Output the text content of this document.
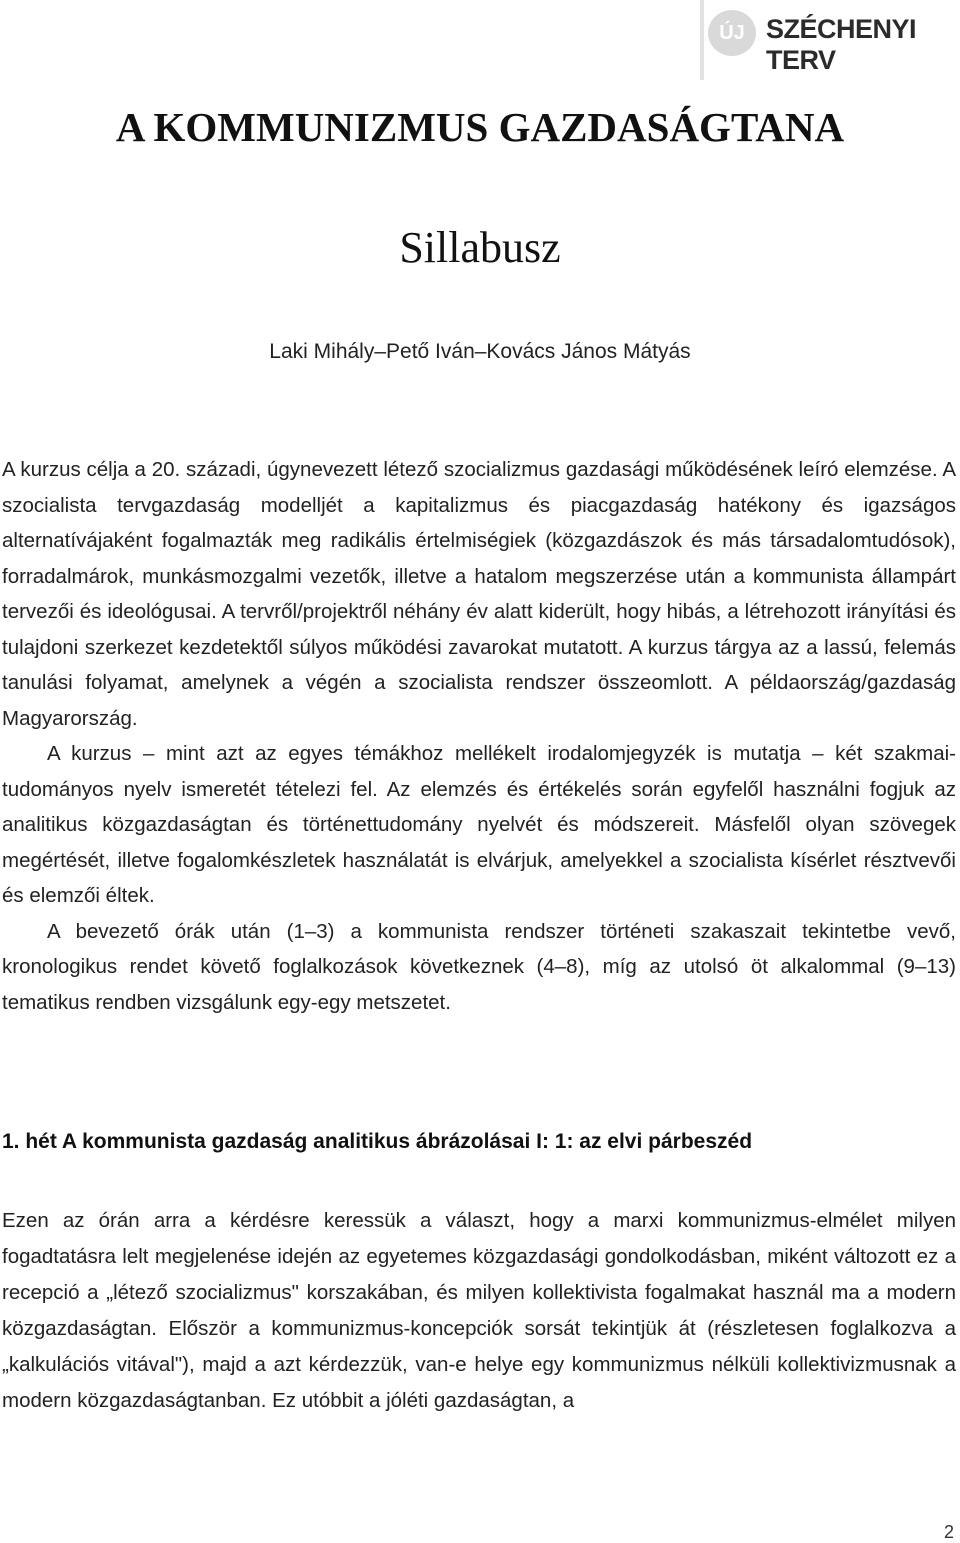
ÚJ SZÉCHENYI TERV
A KOMMUNIZMUS GAZDASÁGTANA
Sillabusz
Laki Mihály–Pető Iván–Kovács János Mátyás

A kurzus célja a 20. századi, úgynevezett létező szocializmus gazdasági működésének leíró elemzése. A szocialista tervgazdaság modelljét a kapitalizmus és piacgazdaság hatékony és igazságos alternatívájaként fogalmazták meg radikális értelmiségiek (közgazdászok és más társadalomtudósok), forradalmárok, munkásmozgalmi vezetők, illetve a hatalom megszerzése után a kommunista állampárt tervezői és ideológusai. A tervről/projektről néhány év alatt kiderült, hogy hibás, a létrehozott irányítási és tulajdoni szerkezet kezdetektől súlyos működési zavarokat mutatott. A kurzus tárgya az a lassú, felemás tanulási folyamat, amelynek a végén a szocialista rendszer összeomlott. A példaország/gazdaság Magyarország.

A kurzus – mint azt az egyes témákhoz mellékelt irodalomjegyzék is mutatja – két szakmai- tudományos nyelv ismeretét tételezi fel. Az elemzés és értékelés során egyfelől használni fogjuk az analitikus közgazdaságtan és történettudomány nyelvét és módszereit. Másfelől olyan szövegek megértését, illetve fogalomkészletek használatát is elvárjuk, amelyekkel a szocialista kísérlet résztvevői és elemzői éltek.

A bevezető órák után (1–3) a kommunista rendszer történeti szakaszait tekintetbe vevő, kronologikus rendet követő foglalkozások következnek (4–8), míg az utolsó öt alkalommal (9–13) tematikus rendben vizsgálunk egy-egy metszetet.

1. hét A kommunista gazdaság analitikus ábrázolásai I: 1: az elvi párbeszéd

Ezen az órán arra a kérdésre keressük a választ, hogy a marxi kommunizmus-elmélet milyen fogadtatásra lelt megjelenése idején az egyetemes közgazdasági gondolkodásban, miként változott ez a recepció a „létező szocializmus" korszakában, és milyen kollektivista fogalmakat használ ma a modern közgazdaságtan. Először a kommunizmus-koncepciók sorsát tekintjük át (részletesen foglalkozva a „kalkulációs vitával"), majd a azt kérdezzük, van-e helye egy kommunizmus nélküli kollektivizmusnak a modern közgazdaságtanban. Ez utóbbit a jóléti gazdaságtan, a

2
